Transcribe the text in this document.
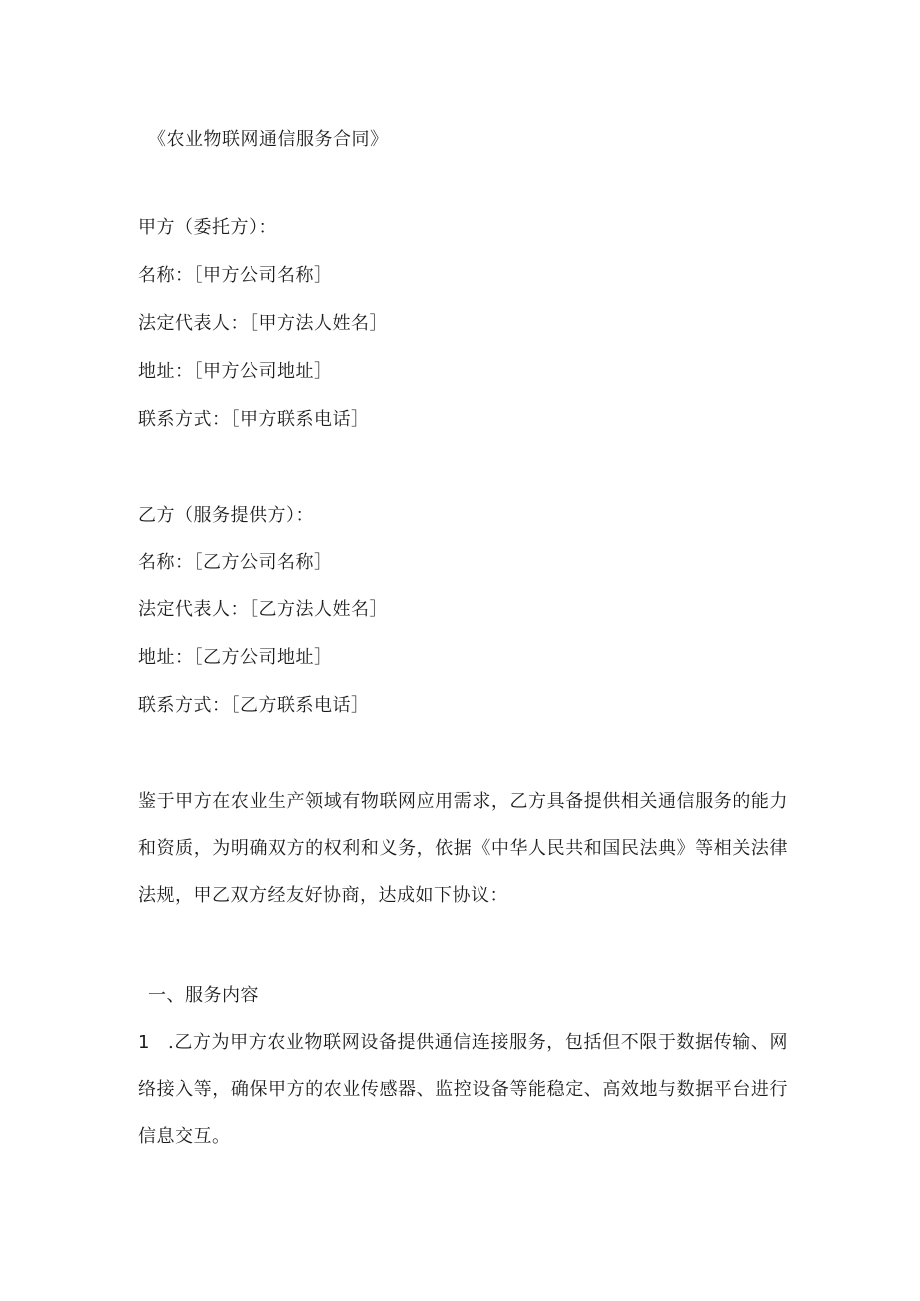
《农业物联网通信服务合同》
甲方（委托方）：
名称：［甲方公司名称］
法定代表人：［甲方法人姓名］
地址：［甲方公司地址］
联系方式：［甲方联系电话］
乙方（服务提供方）：
名称：［乙方公司名称］
法定代表人：［乙方法人姓名］
地址：［乙方公司地址］
联系方式：［乙方联系电话］
鉴于甲方在农业生产领域有物联网应用需求，乙方具备提供相关通信服务的能力和资质，为明确双方的权利和义务，依据《中华人民共和国民法典》等相关法律法规，甲乙双方经友好协商，达成如下协议：
一、服务内容
1 .乙方为甲方农业物联网设备提供通信连接服务，包括但不限于数据传输、网络接入等，确保甲方的农业传感器、监控设备等能稳定、高效地与数据平台进行信息交互。
